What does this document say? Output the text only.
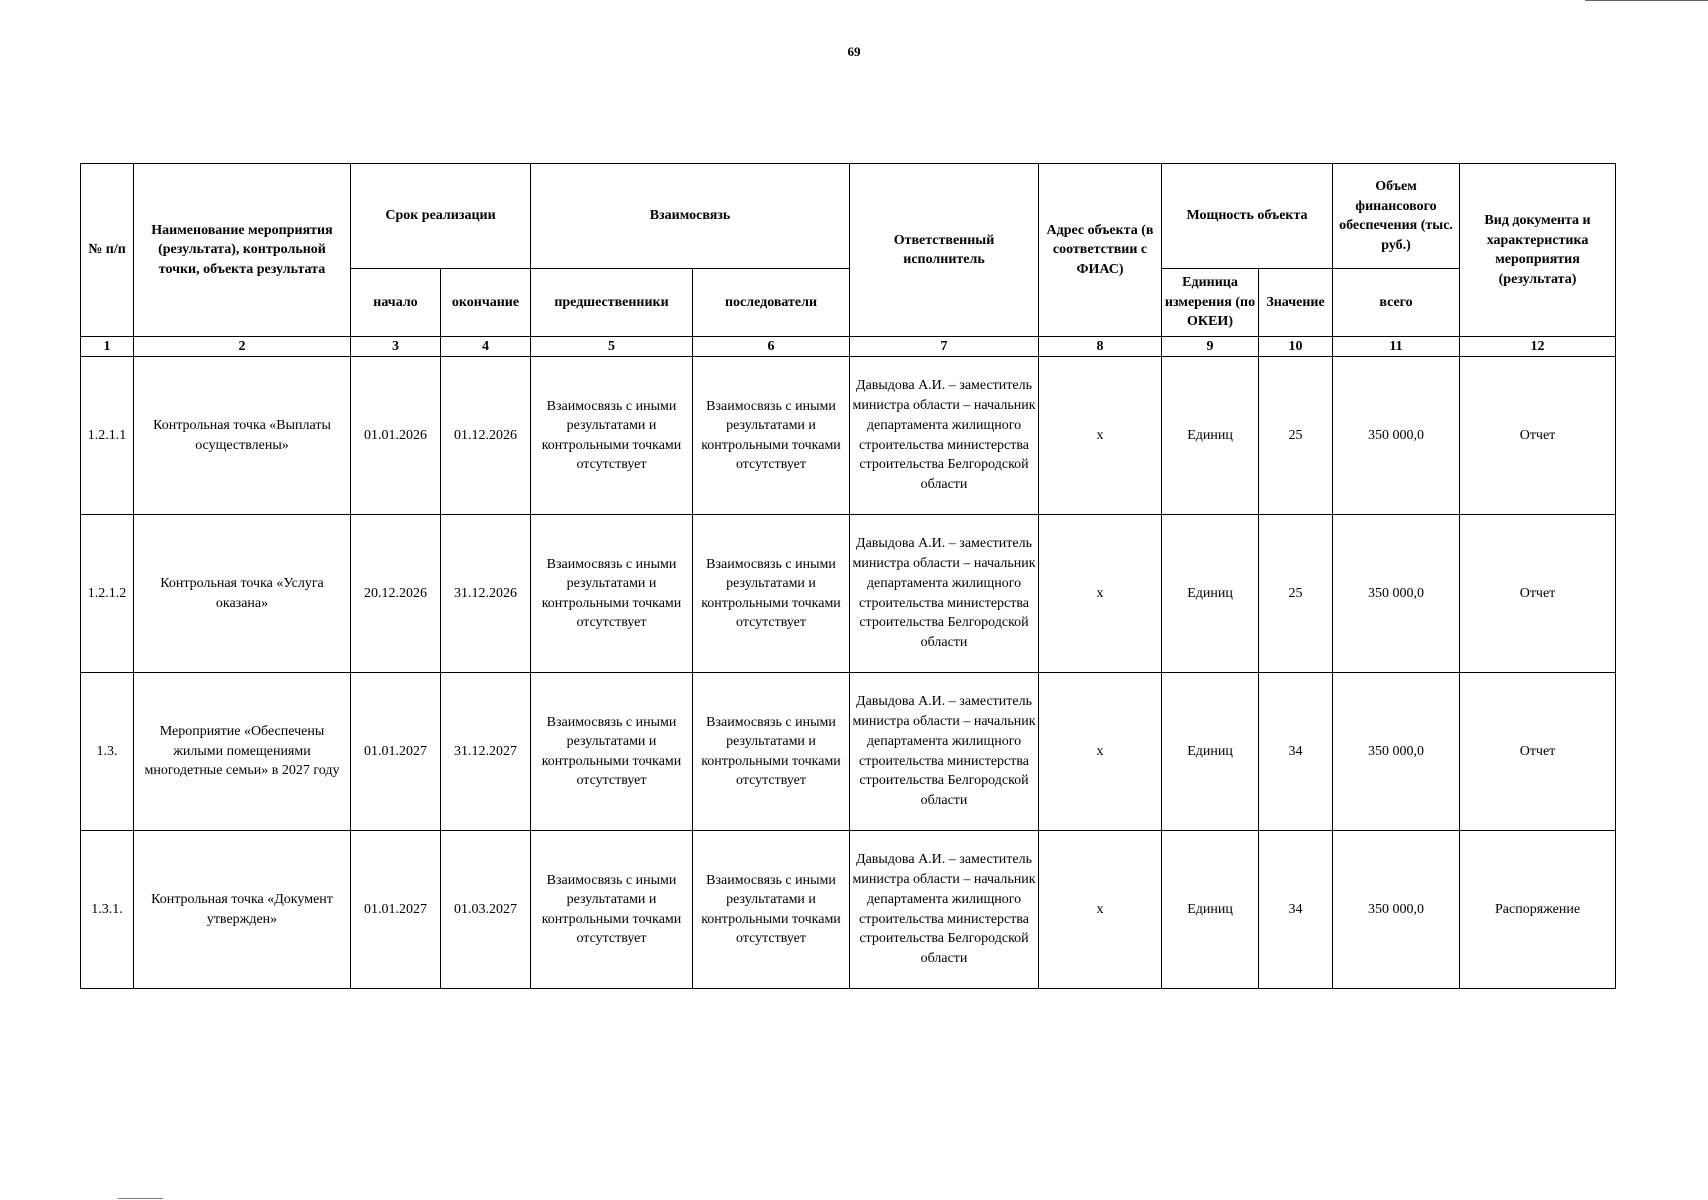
69
№ п/п	Наименование мероприятия (результата), контрольной точки, объекта результата	Срок реализации		Взаимосвязь		Ответственный исполнитель	Адрес объекта (в соответствии с ФИАС)	Мощность объекта		Объем финансового обеспечения (тыс. руб.)	Вид документа и характеристика мероприятия (результата)
		начало	окончание	предшественники	последователи			Единица измерения (по ОКЕИ)	Значение	всего	
1	2	3	4	5	6	7	8	9	10	11	12
1.2.1.1	Контрольная точка «Выплаты осуществлены»	01.01.2026	01.12.2026	Взаимосвязь с иными результатами и контрольными точками отсутствует	Взаимосвязь с иными результатами и контрольными точками отсутствует	Давыдова А.И. – заместитель министра области – начальник департамента жилищного строительства министерства строительства Белгородской области	х	Единиц	25	350 000,0	Отчет
1.2.1.2	Контрольная точка «Услуга оказана»	20.12.2026	31.12.2026	Взаимосвязь с иными результатами и контрольными точками отсутствует	Взаимосвязь с иными результатами и контрольными точками отсутствует	Давыдова А.И. – заместитель министра области – начальник департамента жилищного строительства министерства строительства Белгородской области	х	Единиц	25	350 000,0	Отчет
1.3.	Мероприятие «Обеспечены жилыми помещениями многодетные семьи» в 2027 году	01.01.2027	31.12.2027	Взаимосвязь с иными результатами и контрольными точками отсутствует	Взаимосвязь с иными результатами и контрольными точками отсутствует	Давыдова А.И. – заместитель министра области – начальник департамента жилищного строительства министерства строительства Белгородской области	х	Единиц	34	350 000,0	Отчет
1.3.1.	Контрольная точка «Документ утвержден»	01.01.2027	01.03.2027	Взаимосвязь с иными результатами и контрольными точками отсутствует	Взаимосвязь с иными результатами и контрольными точками отсутствует	Давыдова А.И. – заместитель министра области – начальник департамента жилищного строительства министерства строительства Белгородской области	х	Единиц	34	350 000,0	Распоряжение
